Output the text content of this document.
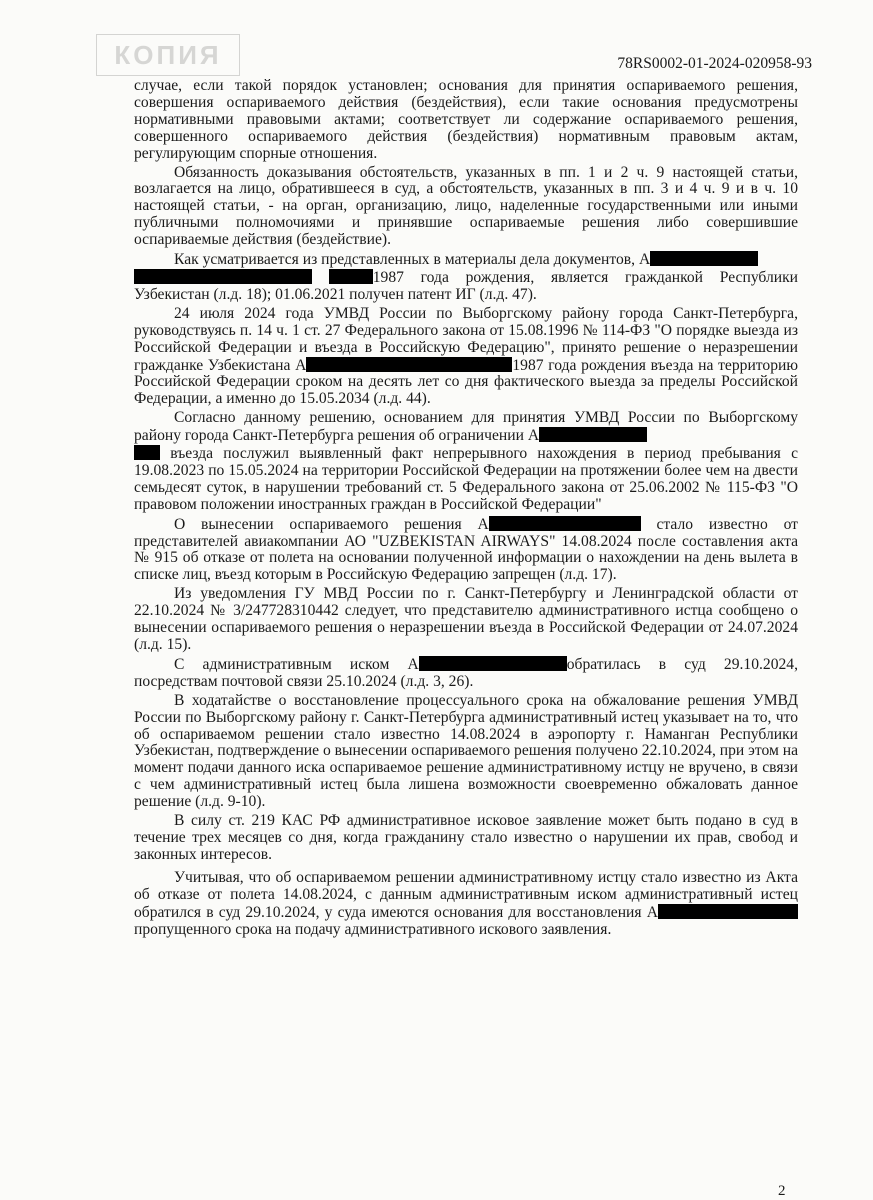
КОПИЯ	78RS0002-01-2024-020958-93

случае, если такой порядок установлен; основания для принятия оспариваемого решения, совершения оспариваемого действия (бездействия), если такие основания предусмотрены нормативными правовыми актами; соответствует ли содержание оспариваемого решения, совершенного оспариваемого действия (бездействия) нормативным правовым актам, регулирующим спорные отношения.

Обязанность доказывания обстоятельств, указанных в пп. 1 и 2 ч. 9 настоящей статьи, возлагается на лицо, обратившееся в суд, а обстоятельств, указанных в пп. 3 и 4 ч. 9 и в ч. 10 настоящей статьи, - на орган, организацию, лицо, наделенные государственными или иными публичными полномочиями и принявшие оспариваемые решения либо совершившие оспариваемые действия (бездействие).

Как усматривается из представленных в материалы дела документов, А
1987 года рождения, является гражданкой Республики Узбекистан (л.д. 18); 01.06.2021 получен патент ИГ (л.д. 47).

24 июля 2024 года УМВД России по Выборгскому району города Санкт-Петербурга, руководствуясь п. 14 ч. 1 ст. 27 Федерального закона от 15.08.1996 № 114-ФЗ "О порядке выезда из Российской Федерации и въезда в Российскую Федерацию", принято решение о неразрешении гражданке Узбекистана А	1987 года рождения въезда на территорию Российской Федерации сроком на десять лет со дня фактического выезда за пределы Российской Федерации, а именно до 15.05.2034 (л.д. 44).

Согласно данному решению, основанием для принятия УМВД России по Выборгскому району города Санкт-Петербурга решения об ограничении А
въезда послужил выявленный факт непрерывного нахождения в период пребывания с 19.08.2023 по 15.05.2024 на территории Российской Федерации на протяжении более чем на двести семьдесят суток, в нарушении требований ст. 5 Федерального закона от 25.06.2002 № 115-ФЗ "О правовом положении иностранных граждан в Российской Федерации"

О вынесении оспариваемого решения А	стало известно от представителей авиакомпании АО "UZBEKISTAN AIRWAYS" 14.08.2024 после составления акта № 915 об отказе от полета на основании полученной информации о нахождении на день вылета в списке лиц, въезд которым в Российскую Федерацию запрещен (л.д. 17).

Из уведомления ГУ МВД России по г. Санкт-Петербургу и Ленинградской области от 22.10.2024 № 3/247728310442 следует, что представителю административного истца сообщено о вынесении оспариваемого решения о неразрешении въезда в Российской Федерации от 24.07.2024 (л.д. 15).

С административным иском А	обратилась в суд 29.10.2024, посредствам почтовой связи 25.10.2024 (л.д. 3, 26).

В ходатайстве о восстановление процессуального срока на обжалование решения УМВД России по Выборгскому району г. Санкт-Петербурга административный истец указывает на то, что об оспариваемом решении стало известно 14.08.2024 в аэропорту г. Наманган Республики Узбекистан, подтверждение о вынесении оспариваемого решения получено 22.10.2024, при этом на момент подачи данного иска оспариваемое решение административному истцу не вручено, в связи с чем административный истец была лишена возможности своевременно обжаловать данное решение (л.д. 9-10).

В силу ст. 219 КАС РФ административное исковое заявление может быть подано в суд в течение трех месяцев со дня, когда гражданину стало известно о нарушении их прав, свобод и законных интересов.

Учитывая, что об оспариваемом решении административному истцу стало известно из Акта об отказе от полета 14.08.2024, с данным административным иском административный истец обратился в суд 29.10.2024, у суда имеются основания для восстановления А пропущенного срока на подачу административного искового заявления.

2
